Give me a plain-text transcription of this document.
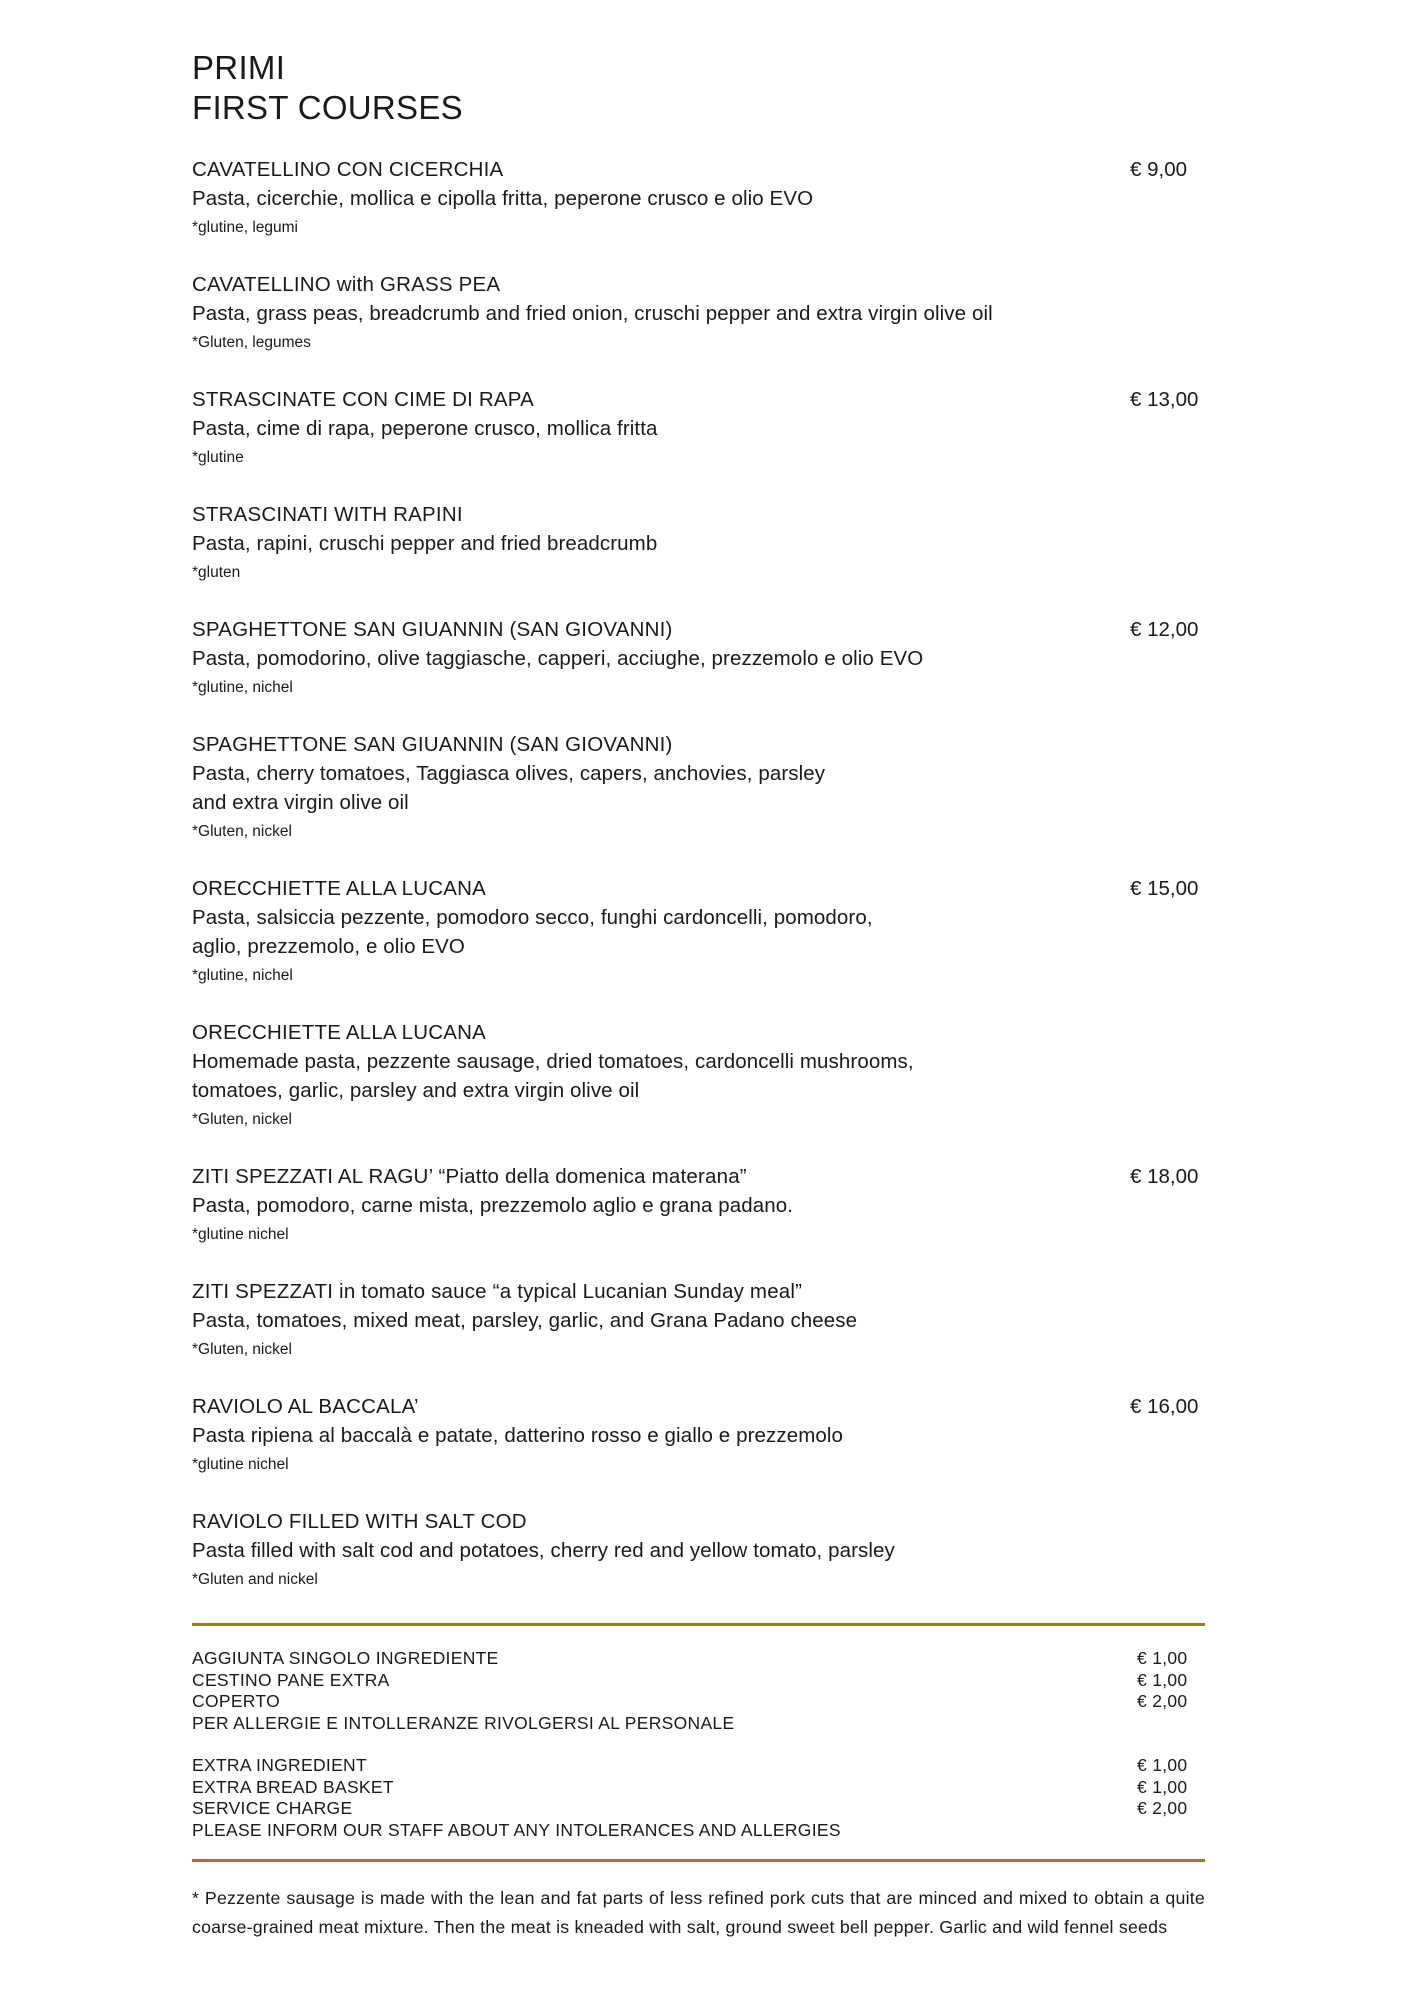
PRIMI
FIRST COURSES
CAVATELLINO CON CICERCHIA
Pasta, cicerchie, mollica e cipolla fritta, peperone crusco e olio EVO
*glutine, legumi
€ 9,00
CAVATELLINO with GRASS PEA
Pasta, grass peas, breadcrumb and fried onion, cruschi pepper and extra virgin olive oil
*Gluten, legumes
STRASCINATE CON CIME DI RAPA
Pasta, cime di rapa, peperone crusco, mollica fritta
*glutine
€ 13,00
STRASCINATI WITH RAPINI
Pasta, rapini, cruschi pepper and fried breadcrumb
*gluten
SPAGHETTONE SAN GIUANNIN (SAN GIOVANNI)
Pasta, pomodorino, olive taggiasche, capperi, acciughe, prezzemolo e olio EVO
*glutine, nichel
€ 12,00
SPAGHETTONE SAN GIUANNIN (SAN GIOVANNI)
Pasta, cherry tomatoes, Taggiasca olives, capers, anchovies, parsley
and extra virgin olive oil
*Gluten, nickel
ORECCHIETTE ALLA LUCANA
Pasta, salsiccia pezzente, pomodoro secco, funghi cardoncelli, pomodoro,
aglio, prezzemolo, e olio EVO
*glutine, nichel
€ 15,00
ORECCHIETTE ALLA LUCANA
Homemade pasta, pezzente sausage, dried tomatoes, cardoncelli mushrooms,
tomatoes, garlic, parsley and extra virgin olive oil
*Gluten, nickel
ZITI SPEZZATI AL RAGU’ “Piatto della domenica materana”
Pasta, pomodoro, carne mista, prezzemolo aglio e grana padano.
*glutine nichel
€ 18,00
ZITI SPEZZATI in tomato sauce “a typical Lucanian Sunday meal”
Pasta, tomatoes, mixed meat, parsley, garlic, and Grana Padano cheese
*Gluten, nickel
RAVIOLO AL BACCALA’
Pasta ripiena al baccalà e patate, datterino rosso e giallo e prezzemolo
*glutine nichel
€ 16,00
RAVIOLO FILLED WITH SALT COD
Pasta filled with salt cod and potatoes, cherry red and yellow tomato, parsley
*Gluten and nickel
AGGIUNTA SINGOLO INGREDIENTE	€ 1,00
CESTINO PANE EXTRA	€ 1,00
COPERTO	€ 2,00
PER ALLERGIE E INTOLLERANZE RIVOLGERSI AL PERSONALE
EXTRA INGREDIENT	€ 1,00
EXTRA BREAD BASKET	€ 1,00
SERVICE CHARGE	€ 2,00
PLEASE INFORM OUR STAFF ABOUT ANY INTOLERANCES AND ALLERGIES
* Pezzente sausage is made with the lean and fat parts of less refined pork cuts that are minced and mixed to obtain a quite coarse-grained meat mixture. Then the meat is kneaded with salt, ground sweet bell pepper. Garlic and wild fennel seeds
